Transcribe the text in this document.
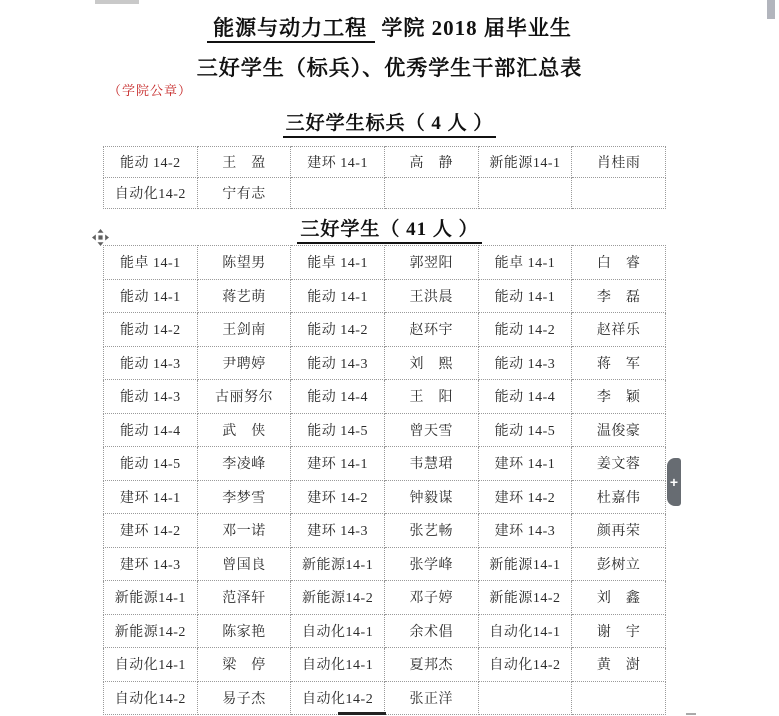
能源与动力工程 学院 2018 届毕业生
三好学生（标兵）、优秀学生干部汇总表
（学院公章）
三好学生标兵（ 4 人 ）
能动 14-2	王　盈	建环 14-1	高　静	新能源14-1	肖桂雨
自动化14-2	宁有志				
三好学生（ 41 人 ）
能卓 14-1	陈望男	能卓 14-1	郭翌阳	能卓 14-1	白　睿
能动 14-1	蒋艺萌	能动 14-1	王洪晨	能动 14-1	李　磊
能动 14-2	王剑南	能动 14-2	赵环宇	能动 14-2	赵祥乐
能动 14-3	尹聘婷	能动 14-3	刘　熙	能动 14-3	蒋　军
能动 14-3	古丽努尔	能动 14-4	王　阳	能动 14-4	李　颖
能动 14-4	武　侠	能动 14-5	曾天雪	能动 14-5	温俊豪
能动 14-5	李凌峰	建环 14-1	韦慧珺	建环 14-1	姜文蓉
建环 14-1	李梦雪	建环 14-2	钟毅谋	建环 14-2	杜嘉伟
建环 14-2	邓一诺	建环 14-3	张艺畅	建环 14-3	颜再荣
建环 14-3	曾国良	新能源14-1	张学峰	新能源14-1	彭树立
新能源14-1	范泽轩	新能源14-2	邓子婷	新能源14-2	刘　鑫
新能源14-2	陈家艳	自动化14-1	余术倡	自动化14-1	谢　宇
自动化14-1	梁　停	自动化14-1	夏邦杰	自动化14-2	黄　澍
自动化14-2	易子杰	自动化14-2	张正洋		
+
